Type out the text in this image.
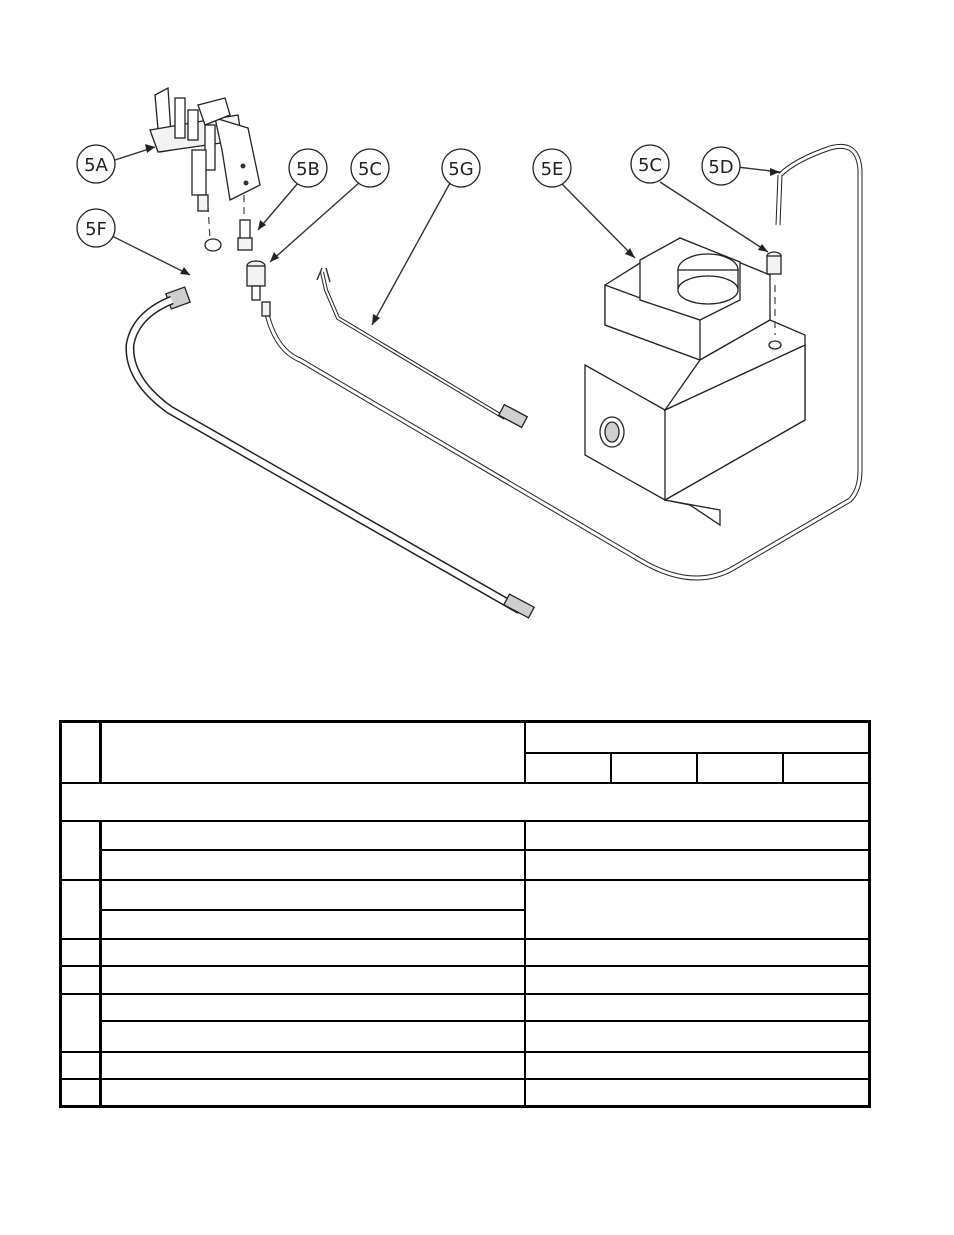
5A	5B 5C	5G	5E	5C	5D
5F
